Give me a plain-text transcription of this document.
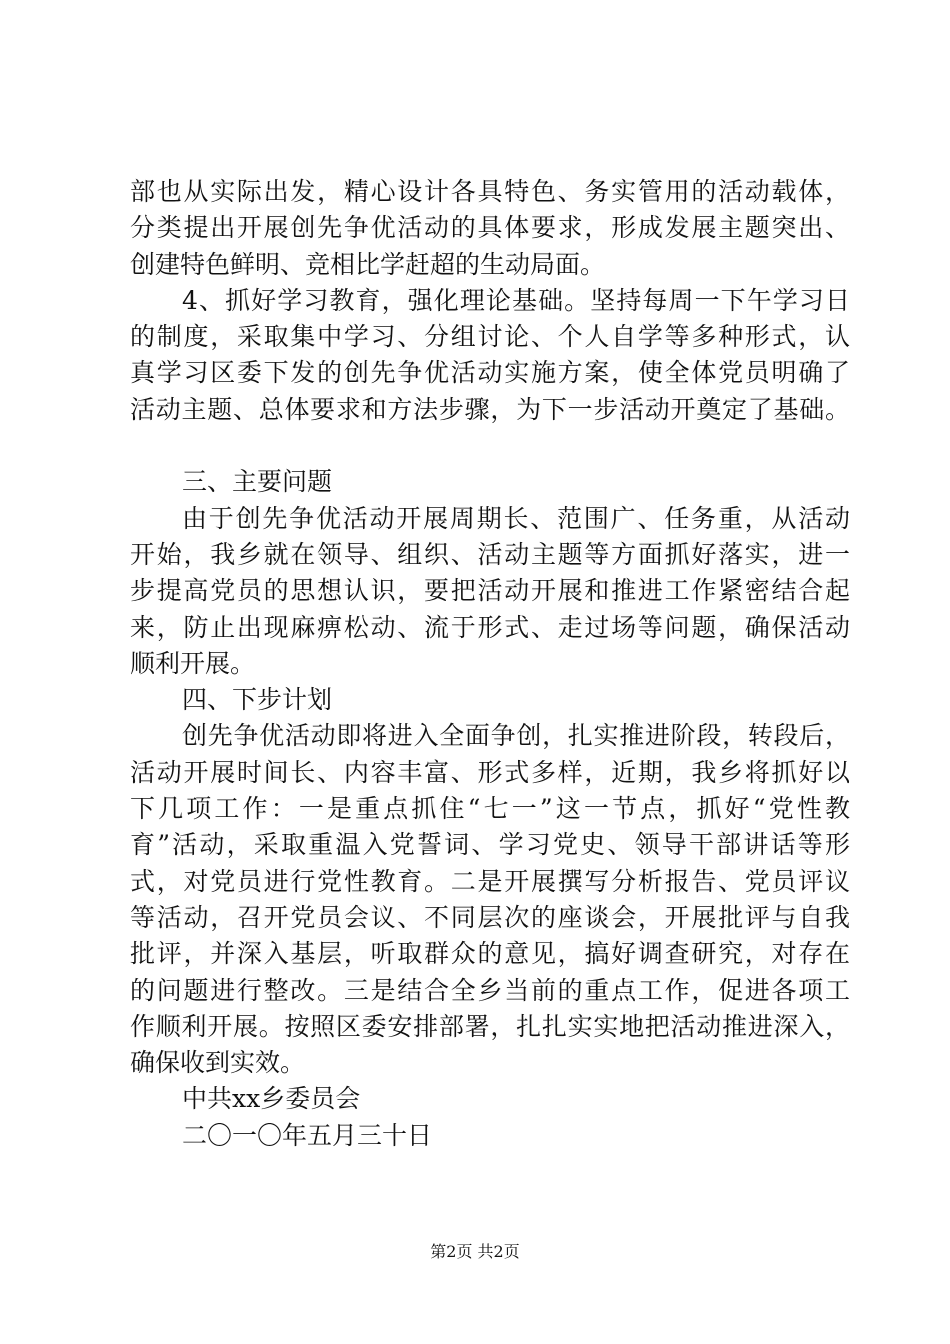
部也从实际出发，精心设计各具特色、务实管用的活动载体，
分类提出开展创先争优活动的具体要求，形成发展主题突出、
创建特色鲜明、竞相比学赶超的生动局面。
4、抓好学习教育，强化理论基础。坚持每周一下午学习日
的制度，采取集中学习、分组讨论、个人自学等多种形式，认
真学习区委下发的创先争优活动实施方案，使全体党员明确了
活动主题、总体要求和方法步骤，为下一步活动开奠定了基础。
三、主要问题
由于创先争优活动开展周期长、范围广、任务重，从活动
开始，我乡就在领导、组织、活动主题等方面抓好落实，进一
步提高党员的思想认识，要把活动开展和推进工作紧密结合起
来，防止出现麻痹松动、流于形式、走过场等问题，确保活动
顺利开展。
四、下步计划
创先争优活动即将进入全面争创，扎实推进阶段，转段后，
活动开展时间长、内容丰富、形式多样，近期，我乡将抓好以
下几项工作：一是重点抓住“七一”这一节点，抓好“党性教
育”活动，采取重温入党誓词、学习党史、领导干部讲话等形
式，对党员进行党性教育。二是开展撰写分析报告、党员评议
等活动，召开党员会议、不同层次的座谈会，开展批评与自我
批评，并深入基层，听取群众的意见，搞好调查研究，对存在
的问题进行整改。三是结合全乡当前的重点工作，促进各项工
作顺利开展。按照区委安排部署，扎扎实实地把活动推进深入，
确保收到实效。
中共xx乡委员会
二〇一〇年五月三十日
第2页 共2页
